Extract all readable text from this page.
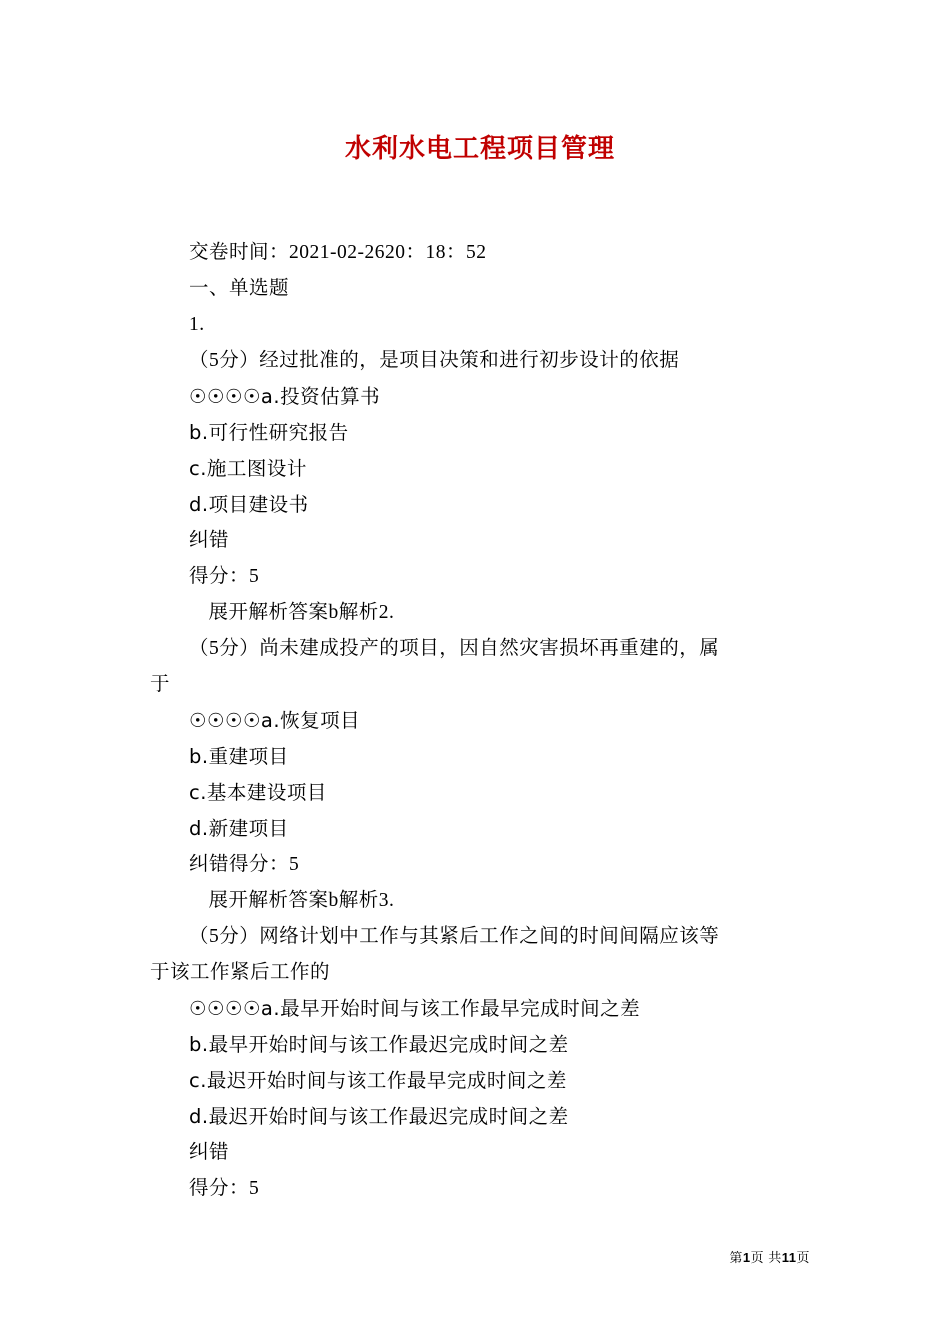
水利水电工程项目管理

交卷时间：2021-02-2620：18：52

一、单选题

1.

（5分）经过批准的，是项目决策和进行初步设计的依据

☉☉☉☉a.投资估算书

b.可行性研究报告

c.施工图设计

d.项目建设书

纠错

得分：5

展开解析答案b解析2.

（5分）尚未建成投产的项目，因自然灾害损坏再重建的，属

于

☉☉☉☉a.恢复项目

b.重建项目

c.基本建设项目

d.新建项目

纠错得分：5

展开解析答案b解析3.

（5分）网络计划中工作与其紧后工作之间的时间间隔应该等

于该工作紧后工作的

☉☉☉☉a.最早开始时间与该工作最早完成时间之差

b.最早开始时间与该工作最迟完成时间之差

c.最迟开始时间与该工作最早完成时间之差

d.最迟开始时间与该工作最迟完成时间之差

纠错

得分：5

第1页 共11页
